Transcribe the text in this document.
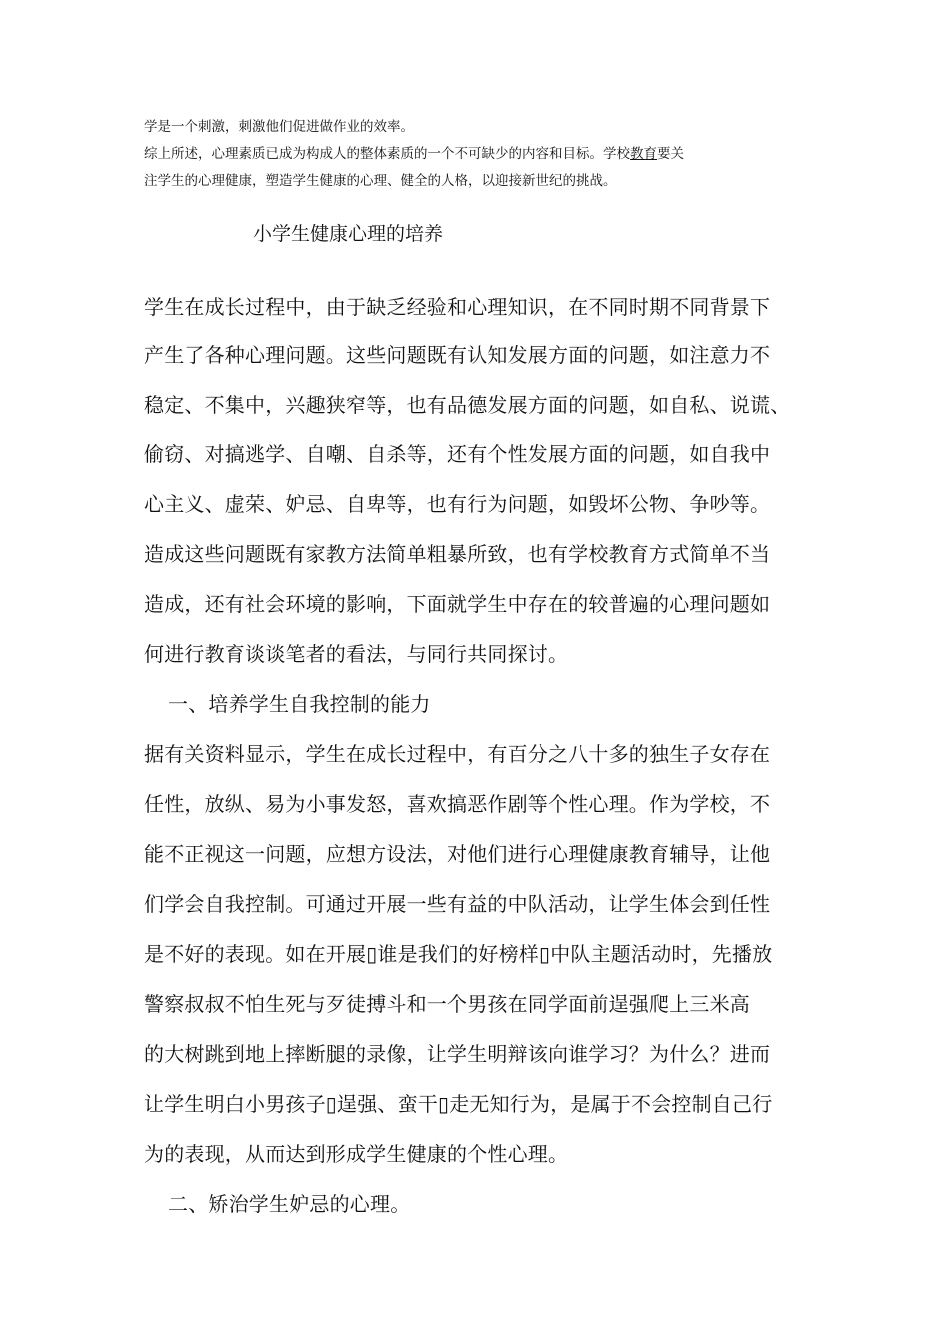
学是一个刺激，刺激他们促进做作业的效率。
综上所述，心理素质已成为构成人的整体素质的一个不可缺少的内容和目标。学校教育要关
注学生的心理健康，塑造学生健康的心理、健全的人格，以迎接新世纪的挑战。
小学生健康心理的培养
学生在成长过程中，由于缺乏经验和心理知识，在不同时期不同背景下
产生了各种心理问题。这些问题既有认知发展方面的问题，如注意力不
稳定、不集中，兴趣狭窄等，也有品德发展方面的问题，如自私、说谎、
偷窃、对搞逃学、自嘲、自杀等，还有个性发展方面的问题，如自我中
心主义、虚荣、妒忌、自卑等，也有行为问题，如毁坏公物、争吵等。
造成这些问题既有家教方法简单粗暴所致，也有学校教育方式简单不当
造成，还有社会环境的影响，下面就学生中存在的较普遍的心理问题如
何进行教育谈谈笔者的看法，与同行共同探讨。
一、培养学生自我控制的能力
据有关资料显示，学生在成长过程中，有百分之八十多的独生子女存在
任性，放纵、易为小事发怒，喜欢搞恶作剧等个性心理。作为学校，不
能不正视这一问题，应想方设法，对他们进行心理健康教育辅导，让他
们学会自我控制。可通过开展一些有益的中队活动，让学生体会到任性
是不好的表现。如在开展▯谁是我们的好榜样▯中队主题活动时，先播放
警察叔叔不怕生死与歹徒搏斗和一个男孩在同学面前逞强爬上三米高
的大树跳到地上摔断腿的录像，让学生明辩该向谁学习？为什么？进而
让学生明白小男孩子▯逞强、蛮干▯走无知行为，是属于不会控制自己行
为的表现，从而达到形成学生健康的个性心理。
二、矫治学生妒忌的心理。
